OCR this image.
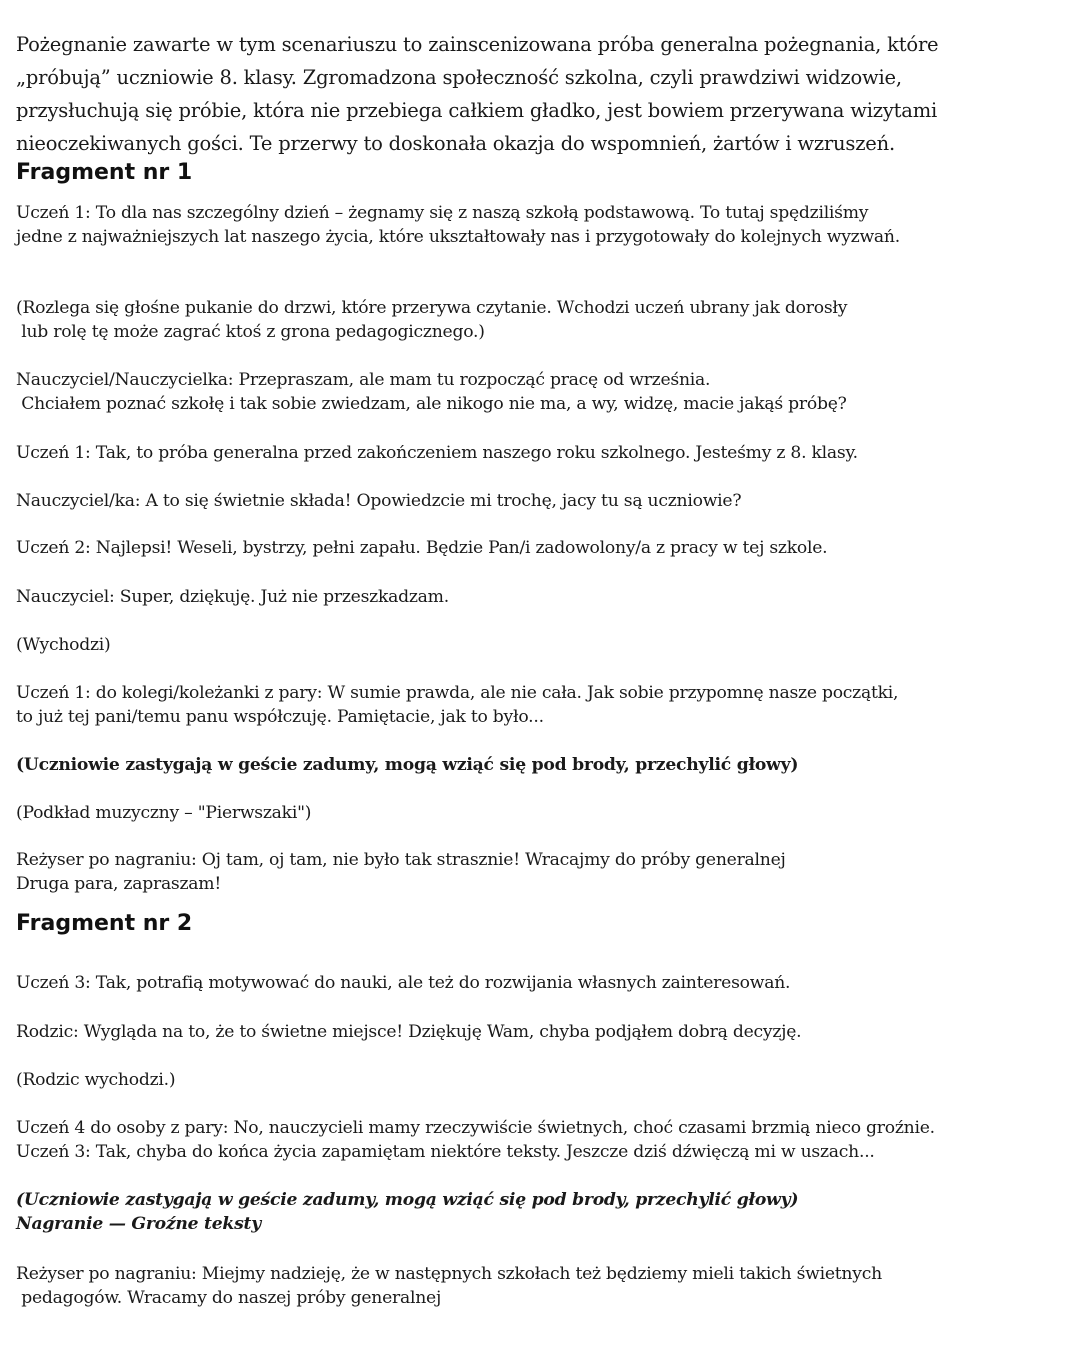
Pożegnanie zawarte w tym scenariuszu to zainscenizowana próba generalna pożegnania, które
„próbują” uczniowie 8. klasy. Zgromadzona społeczność szkolna, czyli prawdziwi widzowie,
przysłuchują się próbie, która nie przebiega całkiem gładko, jest bowiem przerywana wizytami
nieoczekiwanych gości. Te przerwy to doskonała okazja do wspomnień, żartów i wzruszeń.
Fragment nr 1
Uczeń 1: To dla nas szczególny dzień – żegnamy się z naszą szkołą podstawową. To tutaj spędziliśmy
jedne z najważniejszych lat naszego życia, które ukształtowały nas i przygotowały do kolejnych wyzwań.
(Rozlega się głośne pukanie do drzwi, które przerywa czytanie. Wchodzi uczeń ubrany jak dorosły
lub rolę tę może zagrać ktoś z grona pedagogicznego.)
Nauczyciel/Nauczycielka: Przepraszam, ale mam tu rozpocząć pracę od września.
Chciałem poznać szkołę i tak sobie zwiedzam, ale nikogo nie ma, a wy, widzę, macie jakąś próbę?
Uczeń 1: Tak, to próba generalna przed zakończeniem naszego roku szkolnego. Jesteśmy z 8. klasy.
Nauczyciel/ka: A to się świetnie składa! Opowiedzcie mi trochę, jacy tu są uczniowie?
Uczeń 2: Najlepsi! Weseli, bystrzy, pełni zapału. Będzie Pan/i zadowolony/a z pracy w tej szkole.
Nauczyciel: Super, dziękuję. Już nie przeszkadzam.
(Wychodzi)
Uczeń 1: do kolegi/koleżanki z pary: W sumie prawda, ale nie cała. Jak sobie przypomnę nasze początki,
to już tej pani/temu panu współczuję. Pamiętacie, jak to było...
(Uczniowie zastygają w geście zadumy, mogą wziąć się pod brody, przechylić głowy)
(Podkład muzyczny – "Pierwszaki")
Reżyser po nagraniu: Oj tam, oj tam, nie było tak strasznie! Wracajmy do próby generalnej
Druga para, zapraszam!
Fragment nr 2
Uczeń 3: Tak, potrafią motywować do nauki, ale też do rozwijania własnych zainteresowań.
Rodzic: Wygląda na to, że to świetne miejsce! Dziękuję Wam, chyba podjąłem dobrą decyzję.
(Rodzic wychodzi.)
Uczeń 4 do osoby z pary: No, nauczycieli mamy rzeczywiście świetnych, choć czasami brzmią nieco groźnie.
Uczeń 3: Tak, chyba do końca życia zapamiętam niektóre teksty. Jeszcze dziś dźwięczą mi w uszach...
(Uczniowie zastygają w geście zadumy, mogą wziąć się pod brody, przechylić głowy)
Nagranie — Groźne teksty
Reżyser po nagraniu: Miejmy nadzieję, że w następnych szkołach też będziemy mieli takich świetnych
pedagogów. Wracamy do naszej próby generalnej
